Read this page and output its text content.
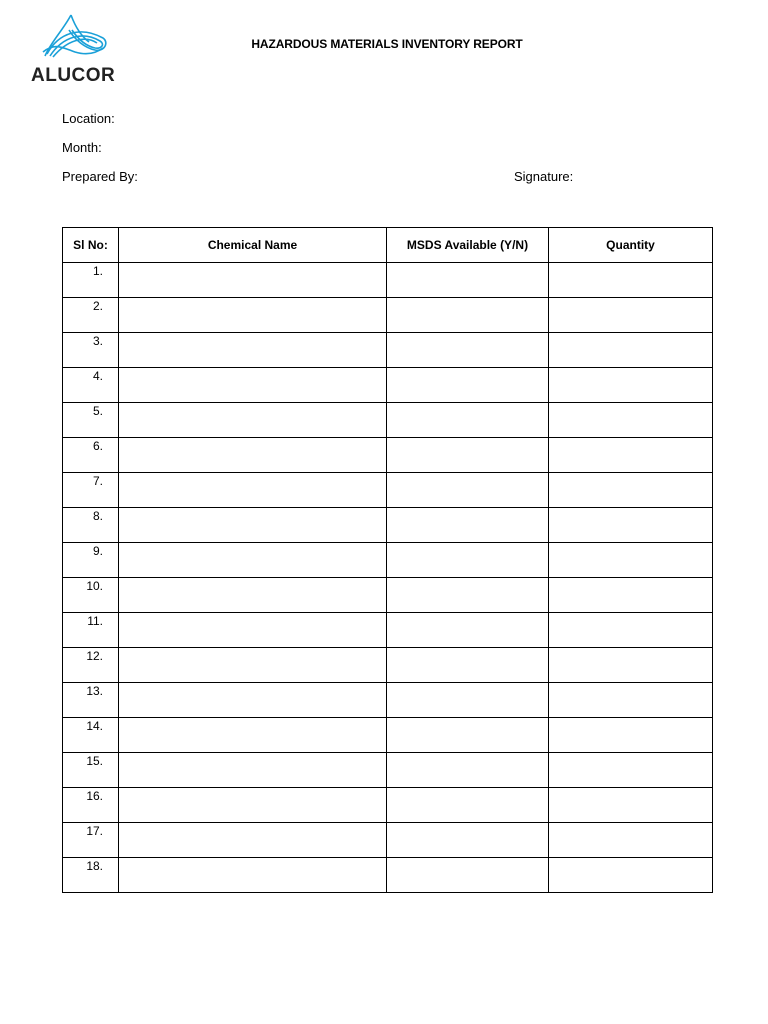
ALUCOR
HAZARDOUS MATERIALS INVENTORY REPORT
Location:
Month:
Prepared By:	Signature:
Sl No:	Chemical Name	MSDS Available (Y/N)	Quantity
1.			
2.			
3.			
4.			
5.			
6.			
7.			
8.			
9.			
10.			
11.			
12.			
13.			
14.			
15.			
16.			
17.			
18.			
